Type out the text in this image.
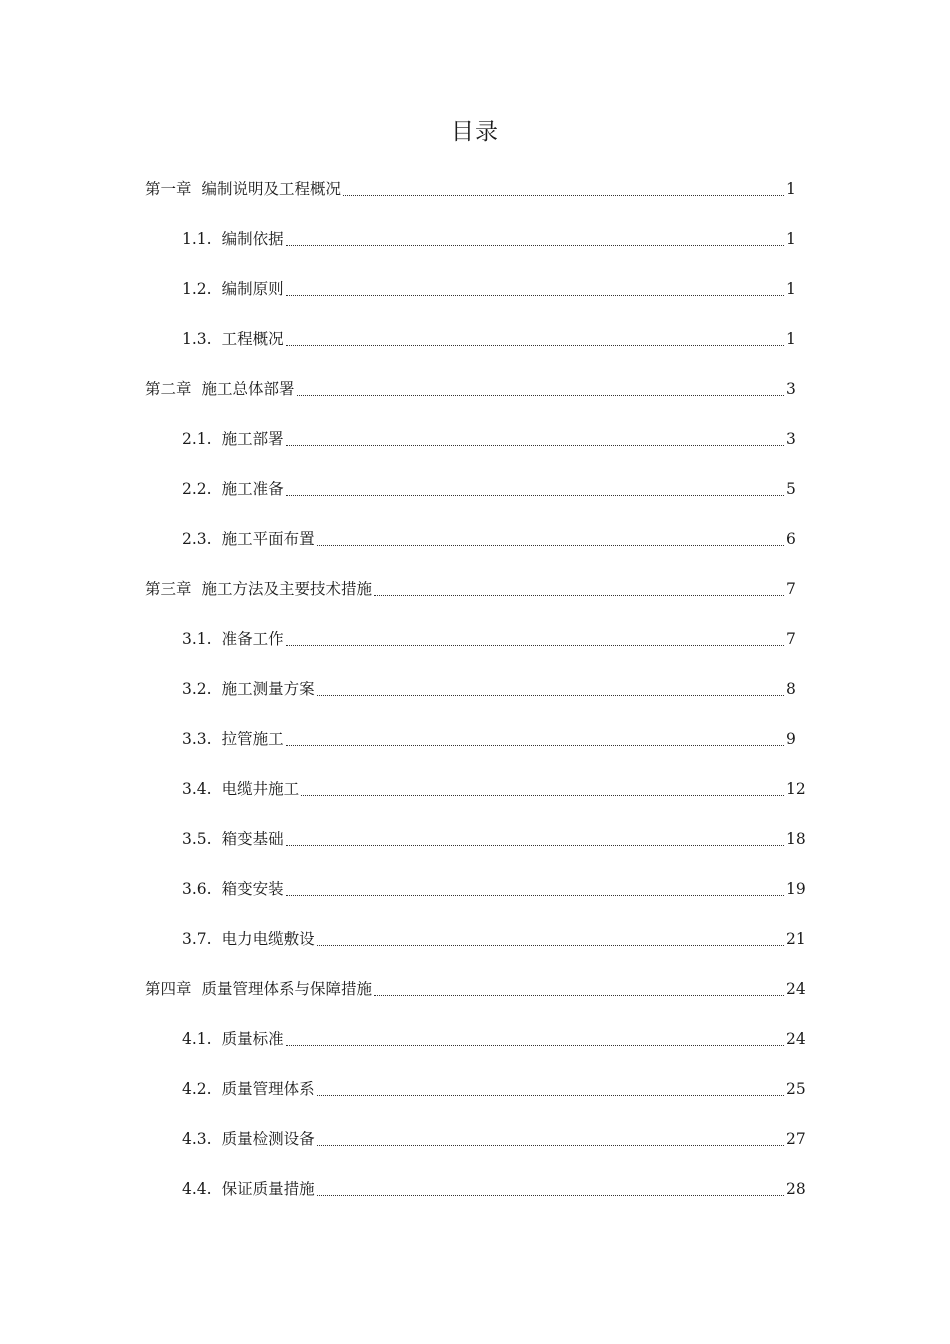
目录
第一章 编制说明及工程概况	1
1.1. 编制依据	1
1.2. 编制原则	1
1.3. 工程概况	1
第二章 施工总体部署	3
2.1. 施工部署	3
2.2. 施工准备	5
2.3. 施工平面布置	6
第三章 施工方法及主要技术措施	7
3.1. 准备工作	7
3.2. 施工测量方案	8
3.3. 拉管施工	9
3.4. 电缆井施工	12
3.5. 箱变基础	18
3.6. 箱变安装	19
3.7. 电力电缆敷设	21
第四章 质量管理体系与保障措施	24
4.1. 质量标准	24
4.2. 质量管理体系	25
4.3. 质量检测设备	27
4.4. 保证质量措施	28
